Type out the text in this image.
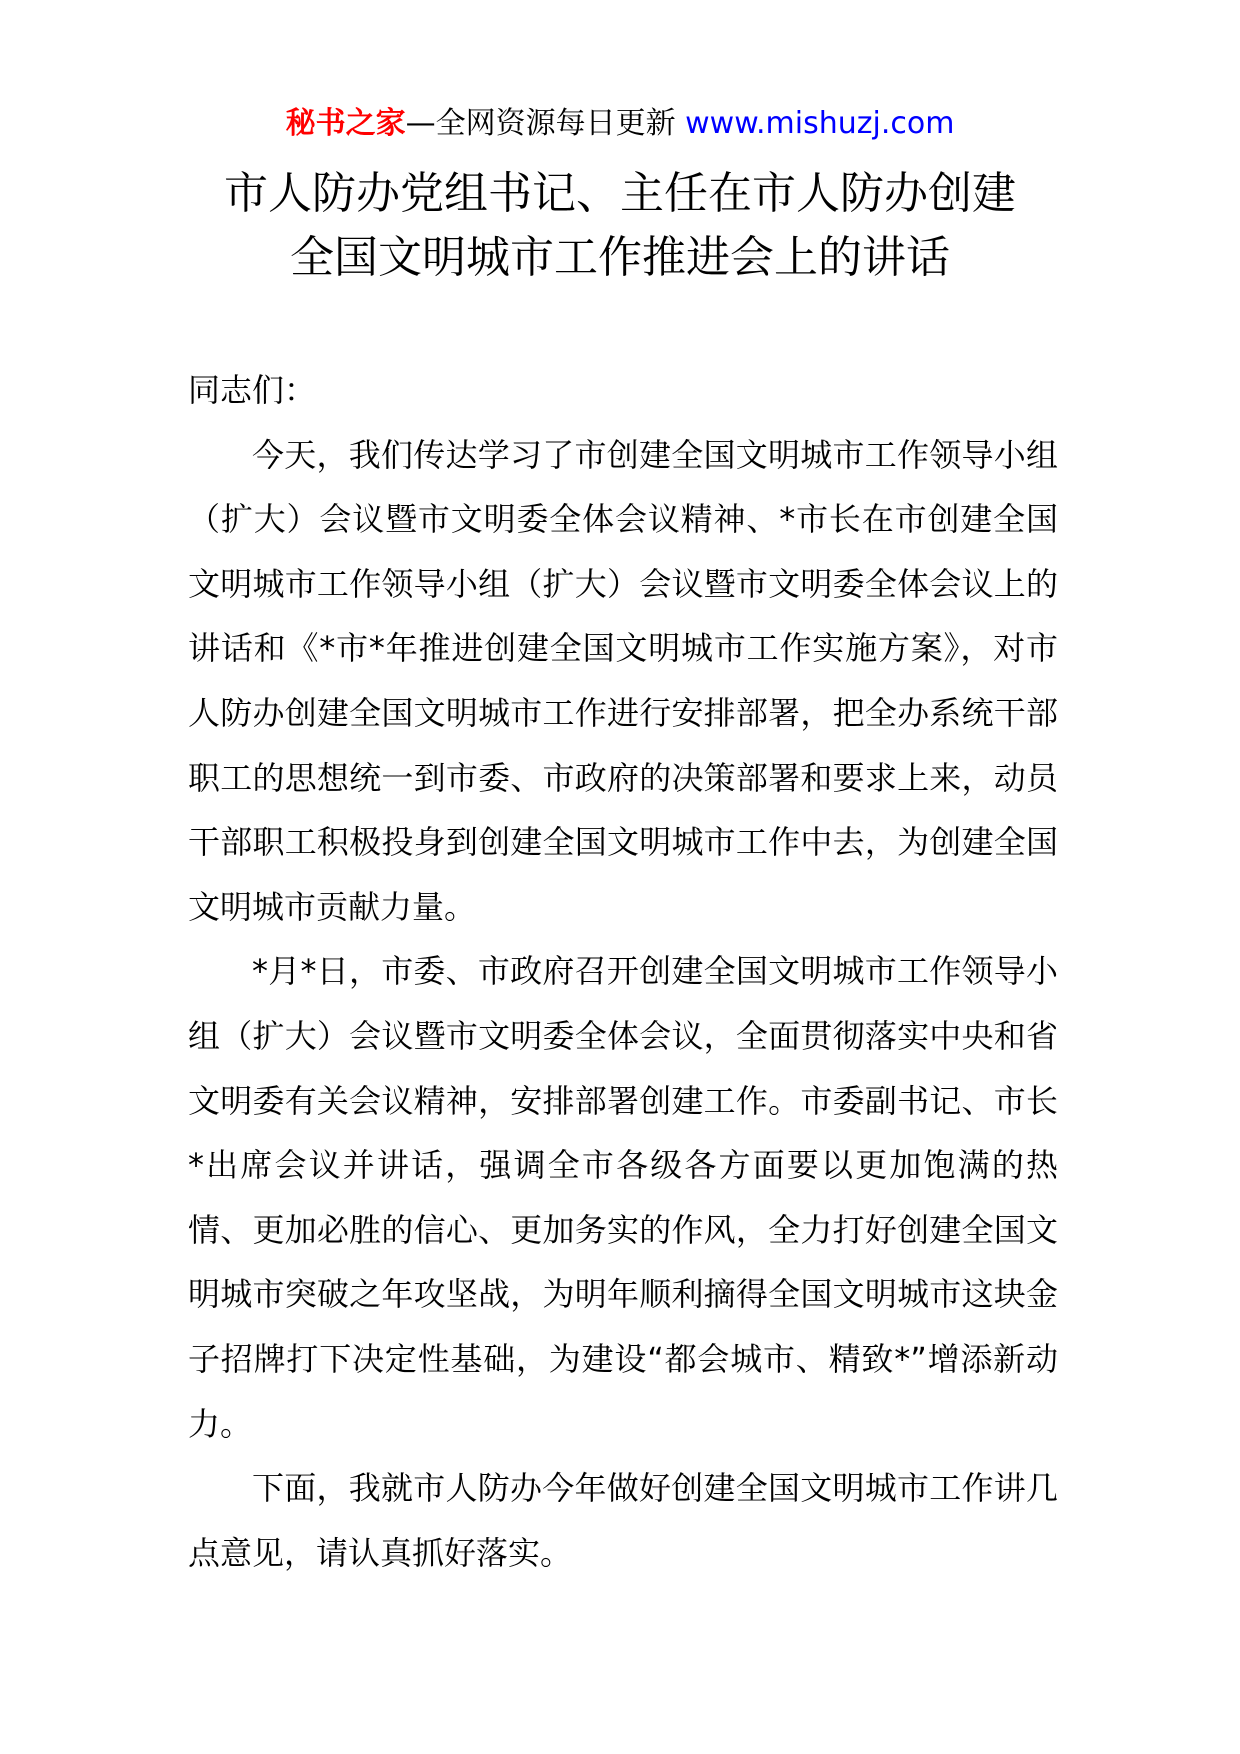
秘书之家—全网资源每日更新 www.mishuzj.com
市人防办党组书记、主任在市人防办创建
全国文明城市工作推进会上的讲话

同志们：

今天，我们传达学习了市创建全国文明城市工作领导小组（扩大）会议暨市文明委全体会议精神、*市长在市创建全国文明城市工作领导小组（扩大）会议暨市文明委全体会议上的讲话和《*市*年推进创建全国文明城市工作实施方案》，对市人防办创建全国文明城市工作进行安排部署，把全办系统干部职工的思想统一到市委、市政府的决策部署和要求上来，动员干部职工积极投身到创建全国文明城市工作中去，为创建全国文明城市贡献力量。

*月*日，市委、市政府召开创建全国文明城市工作领导小组（扩大）会议暨市文明委全体会议，全面贯彻落实中央和省文明委有关会议精神，安排部署创建工作。市委副书记、市长*出席会议并讲话，强调全市各级各方面要以更加饱满的热情、更加必胜的信心、更加务实的作风，全力打好创建全国文明城市突破之年攻坚战，为明年顺利摘得全国文明城市这块金子招牌打下决定性基础，为建设“都会城市、精致*”增添新动力。

下面，我就市人防办今年做好创建全国文明城市工作讲几点意见，请认真抓好落实。
